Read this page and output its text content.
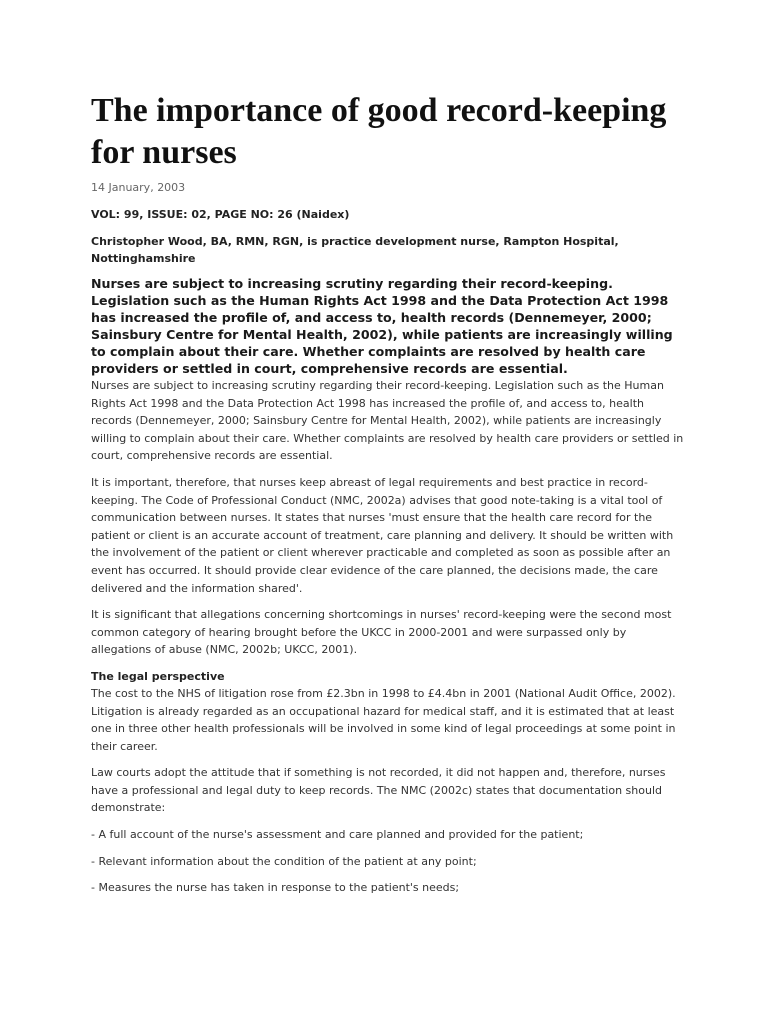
The importance of good record-keeping for nurses
14 January, 2003
VOL: 99, ISSUE: 02, PAGE NO: 26 (Naidex)
Christopher Wood, BA, RMN, RGN, is practice development nurse, Rampton Hospital, Nottinghamshire

Nurses are subject to increasing scrutiny regarding their record-keeping. Legislation such as the Human Rights Act 1998 and the Data Protection Act 1998 has increased the profile of, and access to, health records (Dennemeyer, 2000; Sainsbury Centre for Mental Health, 2002), while patients are increasingly willing to complain about their care. Whether complaints are resolved by health care providers or settled in court, comprehensive records are essential.

Nurses are subject to increasing scrutiny regarding their record-keeping. Legislation such as the Human Rights Act 1998 and the Data Protection Act 1998 has increased the profile of, and access to, health records (Dennemeyer, 2000; Sainsbury Centre for Mental Health, 2002), while patients are increasingly willing to complain about their care. Whether complaints are resolved by health care providers or settled in court, comprehensive records are essential.

It is important, therefore, that nurses keep abreast of legal requirements and best practice in record-keeping. The Code of Professional Conduct (NMC, 2002a) advises that good note-taking is a vital tool of communication between nurses. It states that nurses 'must ensure that the health care record for the patient or client is an accurate account of treatment, care planning and delivery. It should be written with the involvement of the patient or client wherever practicable and completed as soon as possible after an event has occurred. It should provide clear evidence of the care planned, the decisions made, the care delivered and the information shared'.

It is significant that allegations concerning shortcomings in nurses' record-keeping were the second most common category of hearing brought before the UKCC in 2000-2001 and were surpassed only by allegations of abuse (NMC, 2002b; UKCC, 2001).

The legal perspective

The cost to the NHS of litigation rose from £2.3bn in 1998 to £4.4bn in 2001 (National Audit Office, 2002). Litigation is already regarded as an occupational hazard for medical staff, and it is estimated that at least one in three other health professionals will be involved in some kind of legal proceedings at some point in their career.

Law courts adopt the attitude that if something is not recorded, it did not happen and, therefore, nurses have a professional and legal duty to keep records. The NMC (2002c) states that documentation should demonstrate:

- A full account of the nurse's assessment and care planned and provided for the patient;

- Relevant information about the condition of the patient at any point;

- Measures the nurse has taken in response to the patient's needs;
